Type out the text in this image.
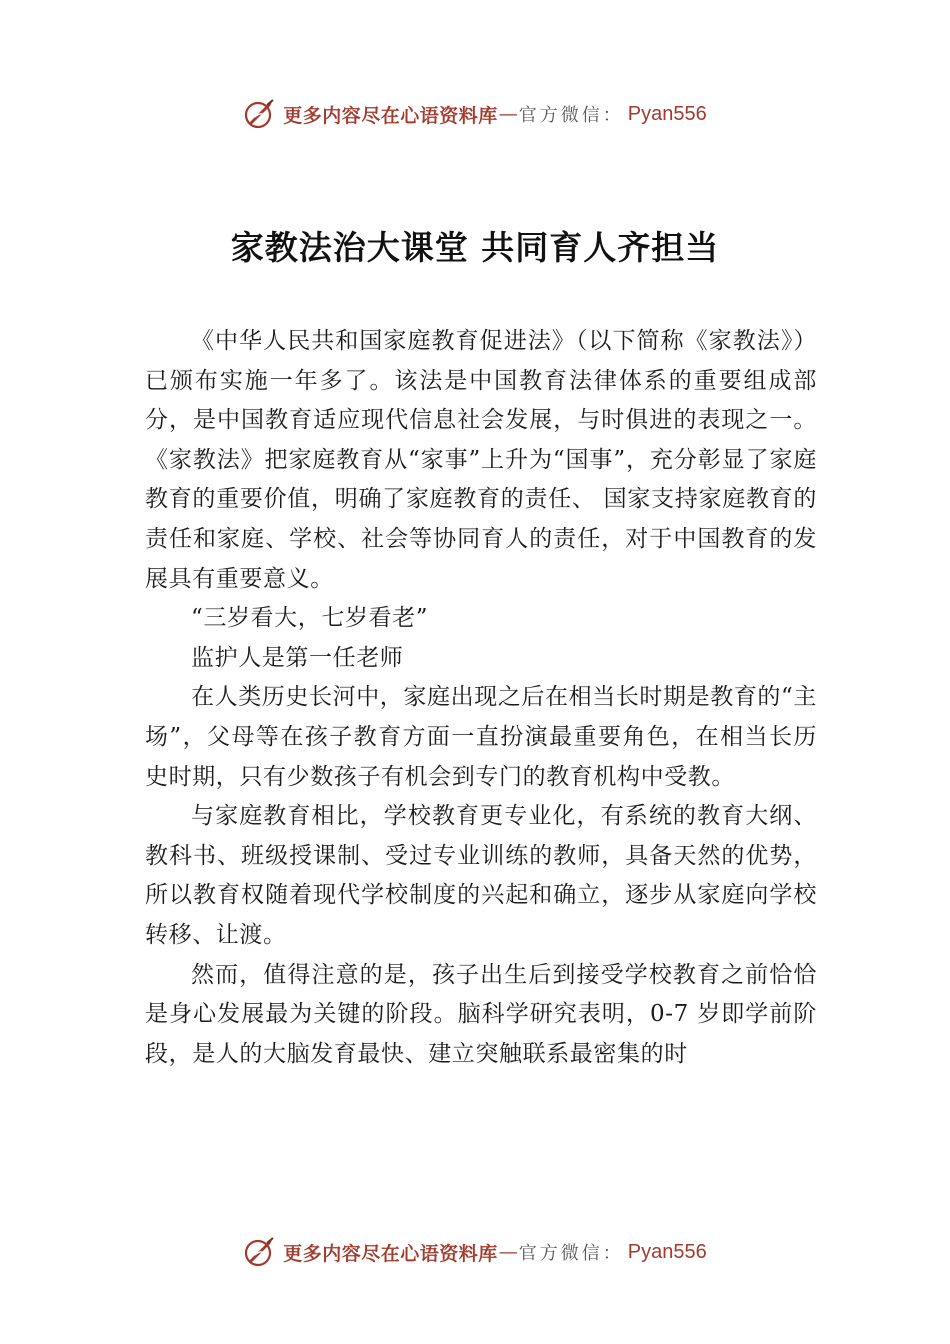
更多内容尽在心语资料库 — 官方微信： Pyan556
家教法治大课堂 共同育人齐担当

《中华人民共和国家庭教育促进法》（以下简称《家教法》）已颁布实施一年多了。该法是中国教育法律体系的重要组成部分，是中国教育适应现代信息社会发展，与时俱进的表现之一。《家教法》把家庭教育从“家事”上升为“国事”，充分彰显了家庭教育的重要价值，明确了家庭教育的责任、 国家支持家庭教育的责任和家庭、学校、社会等协同育人的责任，对于中国教育的发展具有重要意义。

“三岁看大，七岁看老”

监护人是第一任老师

在人类历史长河中，家庭出现之后在相当长时期是教育的“主场”，父母等在孩子教育方面一直扮演最重要角色，在相当长历史时期，只有少数孩子有机会到专门的教育机构中受教。

与家庭教育相比，学校教育更专业化，有系统的教育大纲、教科书、班级授课制、受过专业训练的教师，具备天然的优势，所以教育权随着现代学校制度的兴起和确立，逐步从家庭向学校转移、让渡。

然而，值得注意的是，孩子出生后到接受学校教育之前恰恰是身心发展最为关键的阶段。脑科学研究表明，0-7 岁即学前阶段，是人的大脑发育最快、建立突触联系最密集的时

更多内容尽在心语资料库 — 官方微信： Pyan556
